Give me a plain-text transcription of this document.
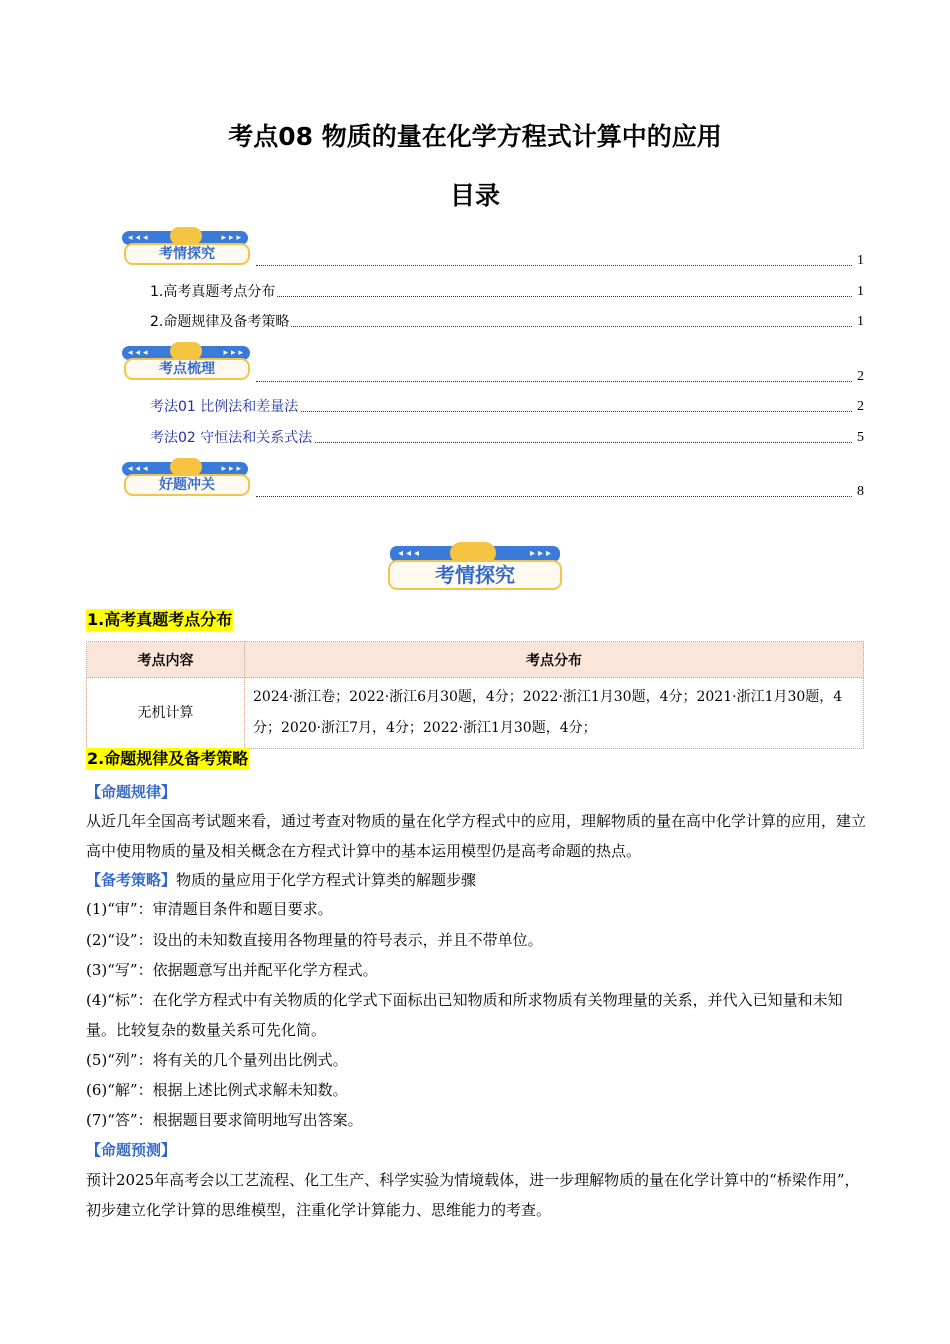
考点08 物质的量在化学方程式计算中的应用
目录
◂◂◂	▸▸▸
考情探究	1
1.高考真题考点分布	1
2.命题规律及备考策略	1
◂◂◂	▸▸▸
考点梳理	2
考法01 比例法和差量法	2
考法02 守恒法和关系式法	5
◂◂◂	▸▸▸
好题冲关	8
◂◂◂	▸▸▸
考情探究
1.高考真题考点分布
考点内容	考点分布
无机计算	2024·浙江卷；2022·浙江6月30题，4分；2022·浙江1月30题，4分；2021·浙江1月30题，4分；2020·浙江7月，4分；2022·浙江1月30题，4分；
2.命题规律及备考策略
【命题规律】
从近几年全国高考试题来看，通过考查对物质的量在化学方程式中的应用，理解物质的量在高中化学计算的应用，建立高中使用物质的量及相关概念在方程式计算中的基本运用模型仍是高考命题的热点。
【备考策略】物质的量应用于化学方程式计算类的解题步骤
(1)“审”：审清题目条件和题目要求。
(2)“设”：设出的未知数直接用各物理量的符号表示，并且不带单位。
(3)“写”：依据题意写出并配平化学方程式。
(4)“标”：在化学方程式中有关物质的化学式下面标出已知物质和所求物质有关物理量的关系，并代入已知量和未知量。比较复杂的数量关系可先化简。
(5)“列”：将有关的几个量列出比例式。
(6)“解”：根据上述比例式求解未知数。
(7)“答”：根据题目要求简明地写出答案。
【命题预测】
预计2025年高考会以工艺流程、化工生产、科学实验为情境载体，进一步理解物质的量在化学计算中的“桥梁作用”，初步建立化学计算的思维模型，注重化学计算能力、思维能力的考查。
